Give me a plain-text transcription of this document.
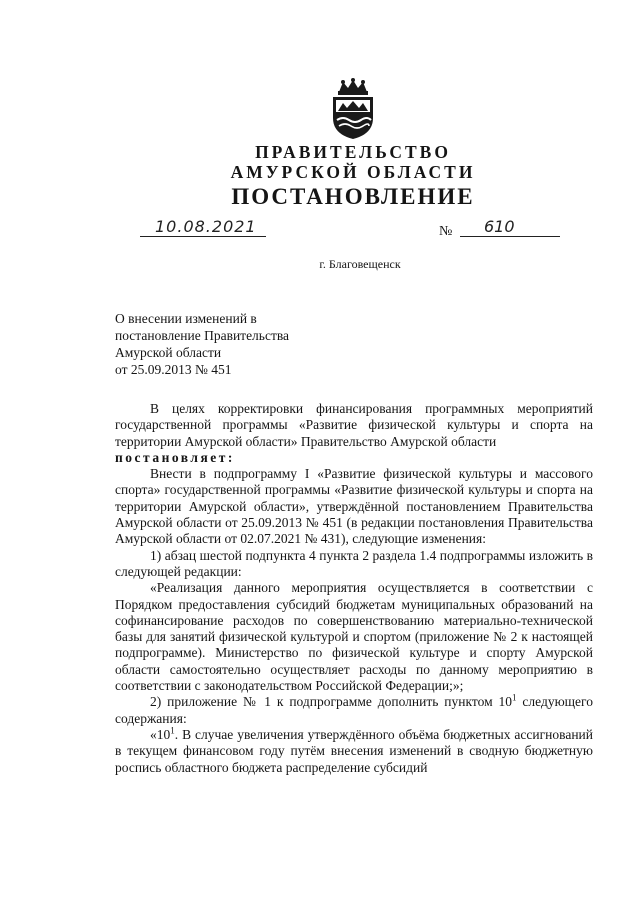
ПРАВИТЕЛЬСТВО

АМУРСКОЙ ОБЛАСТИ

ПОСТАНОВЛЕНИЕ

10.08.2021	№ 610
г. Благовещенск
О внесении изменений в
постановление Правительства
Амурской области
от 25.09.2013 № 451

В целях корректировки финансирования программных мероприятий государственной программы «Развитие физической культуры и спорта на территории Амурской области» Правительство Амурской области

постановляет:

Внести в подпрограмму I «Развитие физической культуры и массового спорта» государственной программы «Развитие физической культуры и спорта на территории Амурской области», утверждённой постановлением Правительства Амурской области от 25.09.2013 № 451 (в редакции постановления Правительства Амурской области от 02.07.2021 № 431), следующие изменения:

1) абзац шестой подпункта 4 пункта 2 раздела 1.4 подпрограммы изложить в следующей редакции:

«Реализация данного мероприятия осуществляется в соответствии с Порядком предоставления субсидий бюджетам муниципальных образований на софинансирование расходов по совершенствованию материально-технической базы для занятий физической культурой и спортом (приложение № 2 к настоящей подпрограмме). Министерство по физической культуре и спорту Амурской области самостоятельно осуществляет расходы по данному мероприятию в соответствии с законодательством Российской Федерации;»;

2) приложение № 1 к подпрограмме дополнить пунктом $10^1$ следующего содержания:

«$10^1$. В случае увеличения утверждённого объёма бюджетных ассигнований в текущем финансовом году путём внесения изменений в сводную бюджетную роспись областного бюджета распределение субсидий
